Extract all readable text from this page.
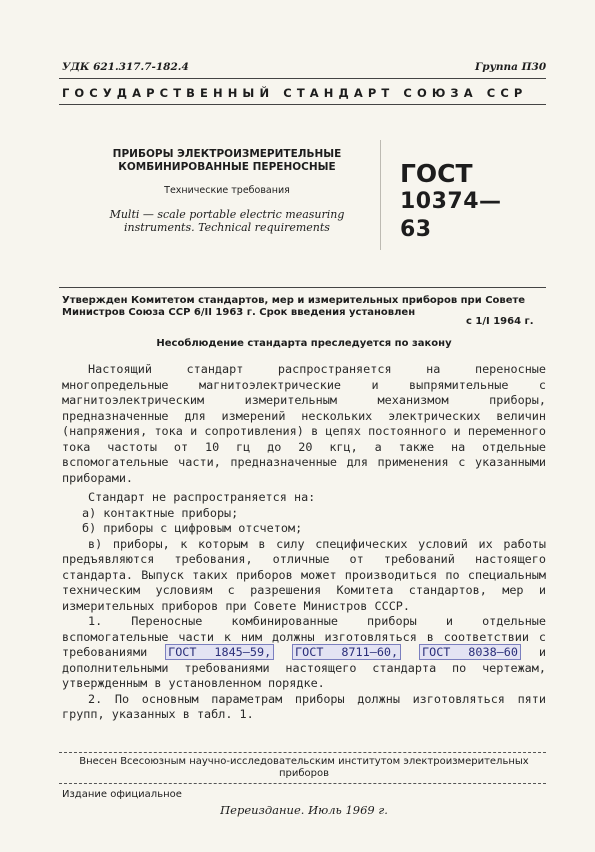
УДК 621.317.7-182.4	Группа П30
ГОСУДАРСТВЕННЫЙ СТАНДАРТ СОЮЗА ССР
ПРИБОРЫ ЭЛЕКТРОИЗМЕРИТЕЛЬНЫЕ
КОМБИНИРОВАННЫЕ ПЕРЕНОСНЫЕ
Технические требования
Multi — scale portable electric measuring
instruments. Technical requirements
ГОСТ
10374—63
Утвержден Комитетом стандартов, мер и измерительных приборов при Совете
Министров Союза ССР 6/II 1963 г. Срок введения установлен
с 1/I 1964 г.
Несоблюдение стандарта преследуется по закону

Настоящий стандарт распространяется на переносные многопредельные магнитоэлектрические и выпрямительные с магнитоэлектрическим измерительным механизмом приборы, предназначенные для измерений нескольких электрических величин (напряжения, тока и сопротивления) в цепях постоянного и переменного тока частоты от 10 гц до 20 кгц, а также на отдельные вспомогательные части, предназначенные для применения с указанными приборами.

Стандарт не распространяется на:

а) контактные приборы;

б) приборы с цифровым отсчетом;

в) приборы, к которым в силу специфических условий их работы предъявляются требования, отличные от требований настоящего стандарта. Выпуск таких приборов может производиться по специальным техническим условиям с разрешения Комитета стандартов, мер и измерительных приборов при Совете Министров СССР.

1. Переносные комбинированные приборы и отдельные вспомогательные части к ним должны изготовляться в соответствии с требованиями ГОСТ 1845—59, ГОСТ 8711—60, ГОСТ 8038—60 и дополнительными требованиями настоящего стандарта по чертежам, утвержденным в установленном порядке.

2. По основным параметрам приборы должны изготовляться пяти групп, указанных в табл. 1.

Внесен Всесоюзным научно-исследовательским институтом электроизмерительных
приборов
Издание официальное
Переиздание. Июль 1969 г.
